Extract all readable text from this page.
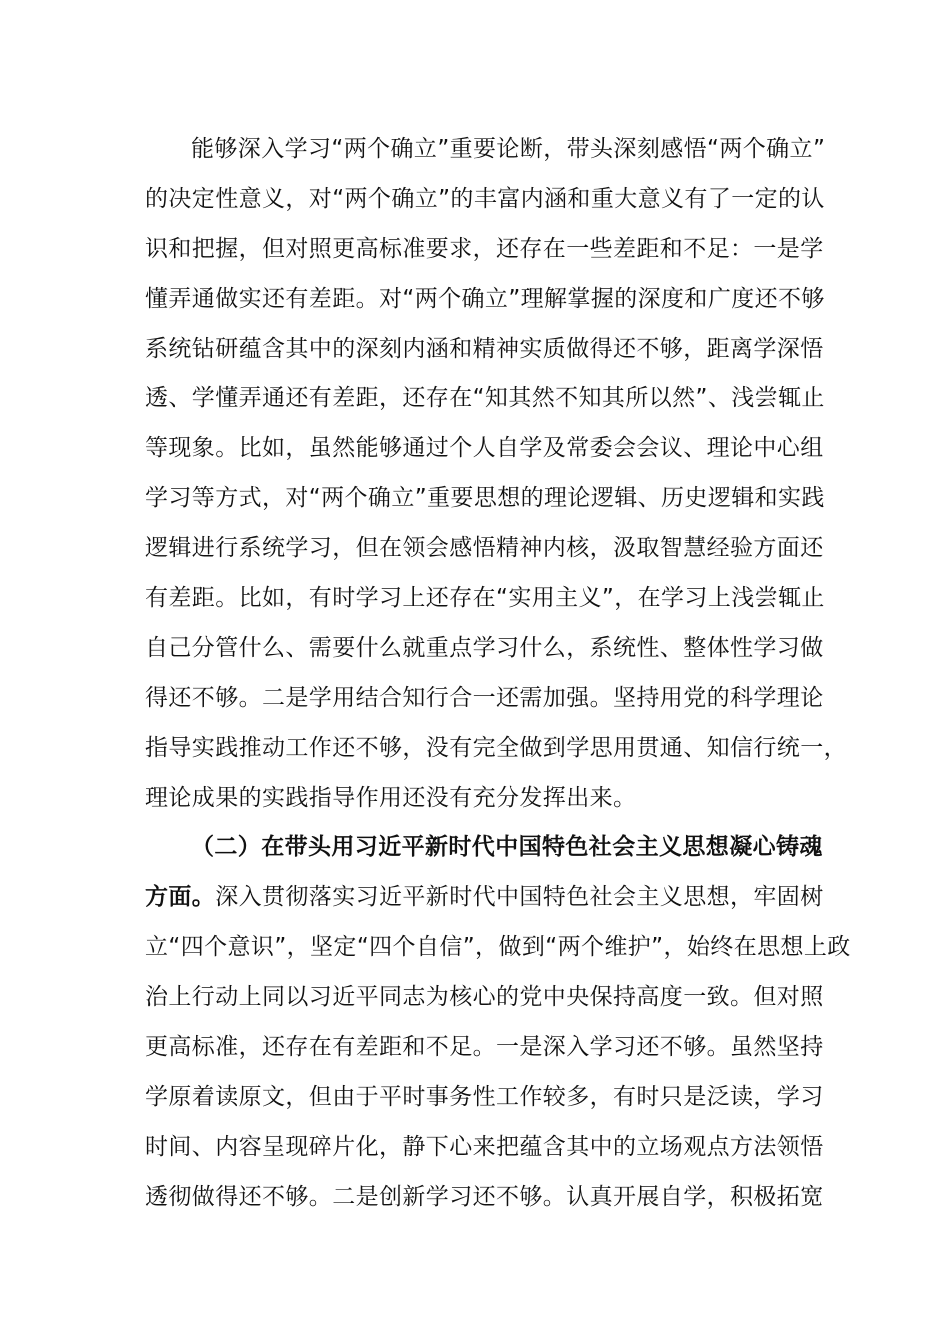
能够深入学习“两个确立”重要论断，带头深刻感悟“两个确立”
的决定性意义，对“两个确立”的丰富内涵和重大意义有了一定的认
识和把握，但对照更高标准要求，还存在一些差距和不足：一是学
懂弄通做实还有差距。对“两个确立”理解掌握的深度和广度还不够
系统钻研蕴含其中的深刻内涵和精神实质做得还不够，距离学深悟
透、学懂弄通还有差距，还存在“知其然不知其所以然”、浅尝辄止
等现象。比如，虽然能够通过个人自学及常委会会议、理论中心组
学习等方式，对“两个确立”重要思想的理论逻辑、历史逻辑和实践
逻辑进行系统学习，但在领会感悟精神内核，汲取智慧经验方面还
有差距。比如，有时学习上还存在“实用主义”，在学习上浅尝辄止
自己分管什么、需要什么就重点学习什么，系统性、整体性学习做
得还不够。二是学用结合知行合一还需加强。坚持用党的科学理论
指导实践推动工作还不够，没有完全做到学思用贯通、知信行统一，
理论成果的实践指导作用还没有充分发挥出来。
（二）在带头用习近平新时代中国特色社会主义思想凝心铸魂
方面。深入贯彻落实习近平新时代中国特色社会主义思想，牢固树
立“四个意识”，坚定“四个自信”，做到“两个维护”，始终在思想上政
治上行动上同以习近平同志为核心的党中央保持高度一致。但对照
更高标准，还存在有差距和不足。一是深入学习还不够。虽然坚持
学原着读原文，但由于平时事务性工作较多，有时只是泛读，学习
时间、内容呈现碎片化，静下心来把蕴含其中的立场观点方法领悟
透彻做得还不够。二是创新学习还不够。认真开展自学，积极拓宽
